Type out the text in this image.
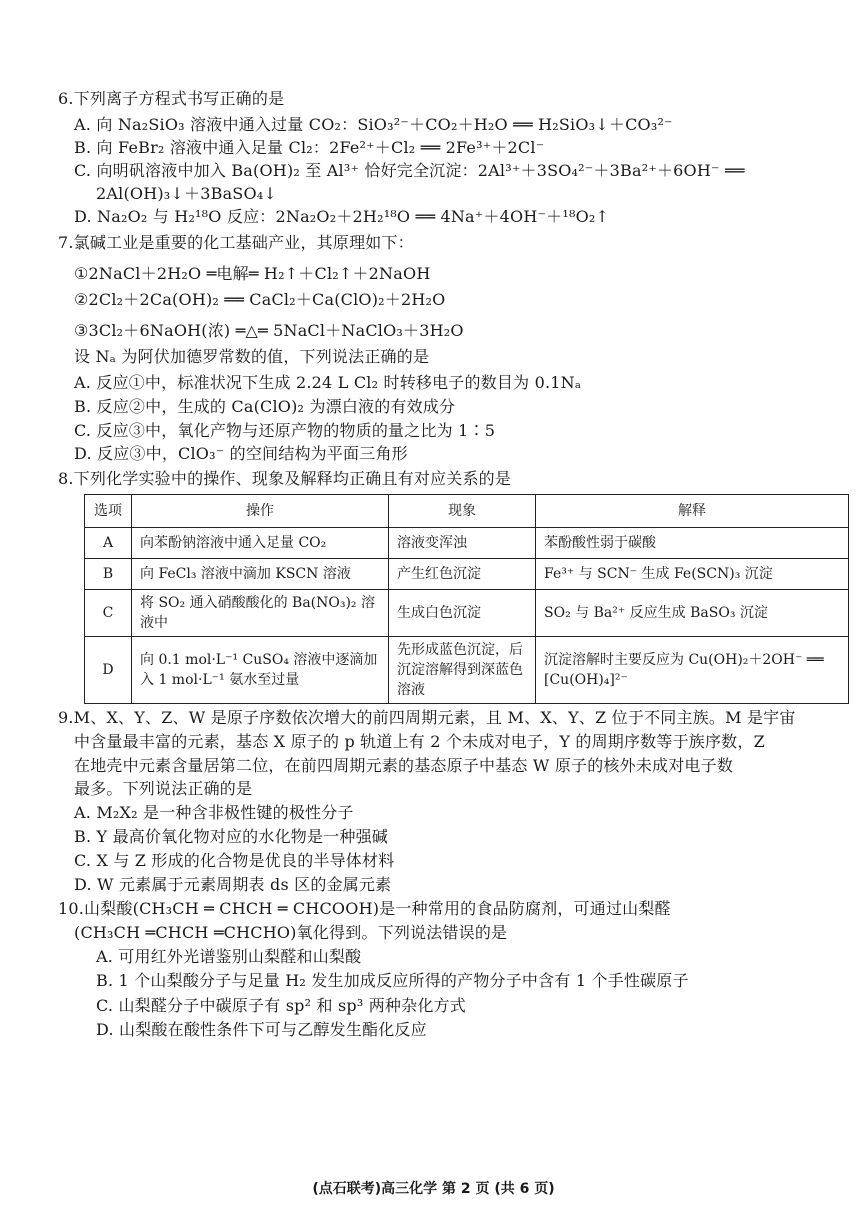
6.下列离子方程式书写正确的是
A. 向 Na₂SiO₃ 溶液中通入过量 CO₂：SiO₃²⁻＋CO₂＋H₂O ══ H₂SiO₃↓＋CO₃²⁻
B. 向 FeBr₂ 溶液中通入足量 Cl₂：2Fe²⁺＋Cl₂ ══ 2Fe³⁺＋2Cl⁻
C. 向明矾溶液中加入 Ba(OH)₂ 至 Al³⁺ 恰好完全沉淀：2Al³⁺＋3SO₄²⁻＋3Ba²⁺＋6OH⁻ ══
2Al(OH)₃↓＋3BaSO₄↓
D. Na₂O₂ 与 H₂¹⁸O 反应：2Na₂O₂＋2H₂¹⁸O ══ 4Na⁺＋4OH⁻＋¹⁸O₂↑
7.氯碱工业是重要的化工基础产业，其原理如下：
①2NaCl＋2H₂O ═电解═ H₂↑＋Cl₂↑＋2NaOH
②2Cl₂＋2Ca(OH)₂ ══ CaCl₂＋Ca(ClO)₂＋2H₂O
③3Cl₂＋6NaOH(浓) ═△═ 5NaCl＋NaClO₃＋3H₂O
设 Nₐ 为阿伏加德罗常数的值，下列说法正确的是
A. 反应①中，标准状况下生成 2.24 L Cl₂ 时转移电子的数目为 0.1Nₐ
B. 反应②中，生成的 Ca(ClO)₂ 为漂白液的有效成分
C. 反应③中，氧化产物与还原产物的物质的量之比为 1∶5
D. 反应③中，ClO₃⁻ 的空间结构为平面三角形
8.下列化学实验中的操作、现象及解释均正确且有对应关系的是
选项	操作	现象	解释
A	向苯酚钠溶液中通入足量 CO₂	溶液变浑浊	苯酚酸性弱于碳酸
B	向 FeCl₃ 溶液中滴加 KSCN 溶液	产生红色沉淀	Fe³⁺ 与 SCN⁻ 生成 Fe(SCN)₃ 沉淀
C	将 SO₂ 通入硝酸酸化的 Ba(NO₃)₂ 溶液中	生成白色沉淀	SO₂ 与 Ba²⁺ 反应生成 BaSO₃ 沉淀
D	向 0.1 mol·L⁻¹ CuSO₄ 溶液中逐滴加入 1 mol·L⁻¹ 氨水至过量	先形成蓝色沉淀，后沉淀溶解得到深蓝色溶液	沉淀溶解时主要反应为 Cu(OH)₂＋2OH⁻ ══ [Cu(OH)₄]²⁻
9.M、X、Y、Z、W 是原子序数依次增大的前四周期元素，且 M、X、Y、Z 位于不同主族。M 是宇宙
中含量最丰富的元素，基态 X 原子的 p 轨道上有 2 个未成对电子，Y 的周期序数等于族序数，Z
在地壳中元素含量居第二位，在前四周期元素的基态原子中基态 W 原子的核外未成对电子数
最多。下列说法正确的是
A. M₂X₂ 是一种含非极性键的极性分子
B. Y 最高价氧化物对应的水化物是一种强碱
C. X 与 Z 形成的化合物是优良的半导体材料
D. W 元素属于元素周期表 ds 区的金属元素
10.山梨酸(CH₃CH ═ CHCH ═ CHCOOH)是一种常用的食品防腐剂，可通过山梨醛
(CH₃CH ═CHCH ═CHCHO)氧化得到。下列说法错误的是
A. 可用红外光谱鉴别山梨醛和山梨酸
B. 1 个山梨酸分子与足量 H₂ 发生加成反应所得的产物分子中含有 1 个手性碳原子
C. 山梨醛分子中碳原子有 sp² 和 sp³ 两种杂化方式
D. 山梨酸在酸性条件下可与乙醇发生酯化反应
(点石联考)高三化学 第 2 页 (共 6 页)
